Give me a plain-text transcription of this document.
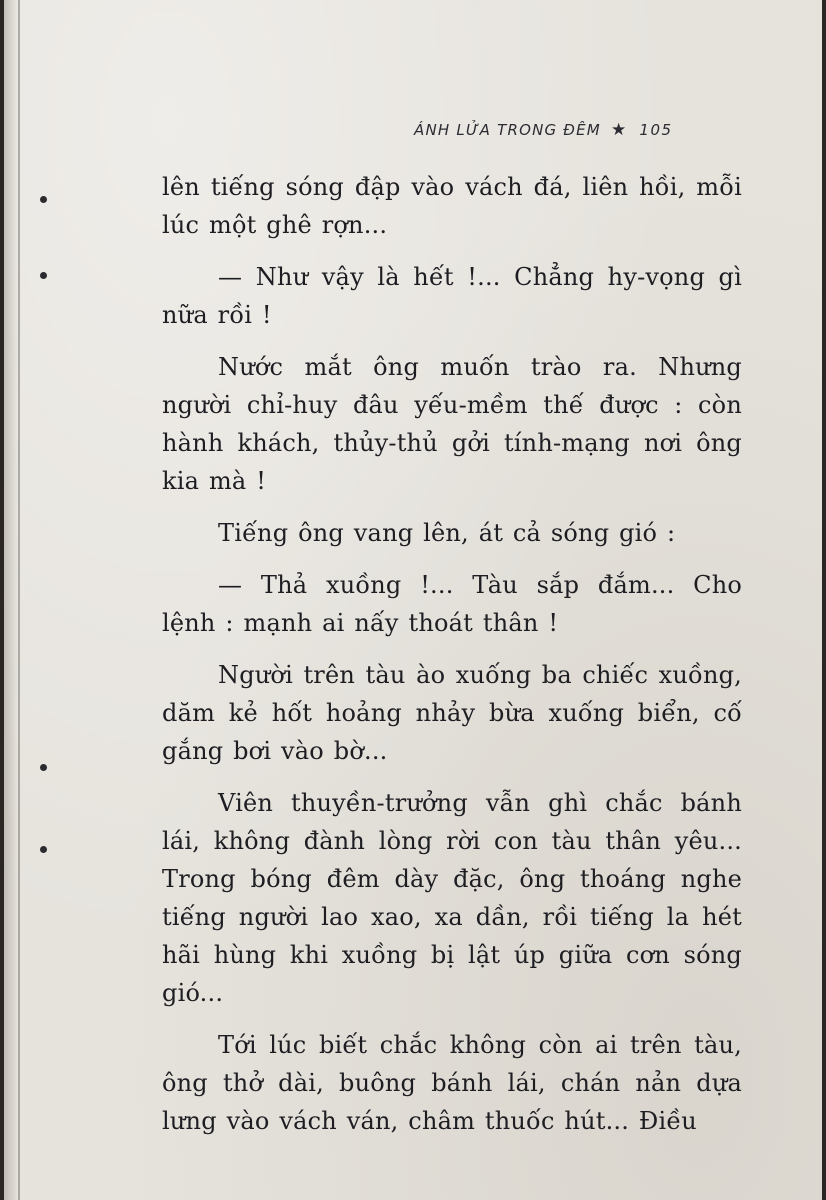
ÁNH LỬA TRONG ĐÊM ★ 105

lên tiếng sóng đập vào vách đá, liên hồi, mỗi lúc một ghê rợn...

— Như vậy là hết !... Chẳng hy-vọng gì nữa rồi !

Nước mắt ông muốn trào ra. Nhưng người chỉ-huy đâu yếu-mềm thế được : còn hành khách, thủy-thủ gởi tính-mạng nơi ông kia mà !

Tiếng ông vang lên, át cả sóng gió :

— Thả xuồng !... Tàu sắp đắm... Cho lệnh : mạnh ai nấy thoát thân !

Người trên tàu ào xuống ba chiếc xuồng, dăm kẻ hốt hoảng nhảy bừa xuống biển, cố gắng bơi vào bờ...

Viên thuyền-trưởng vẫn ghì chắc bánh lái, không đành lòng rời con tàu thân yêu... Trong bóng đêm dày đặc, ông thoáng nghe tiếng người lao xao, xa dần, rồi tiếng la hét hãi hùng khi xuồng bị lật úp giữa cơn sóng gió...

Tới lúc biết chắc không còn ai trên tàu, ông thở dài, buông bánh lái, chán nản dựa lưng vào vách ván, châm thuốc hút... Điều
